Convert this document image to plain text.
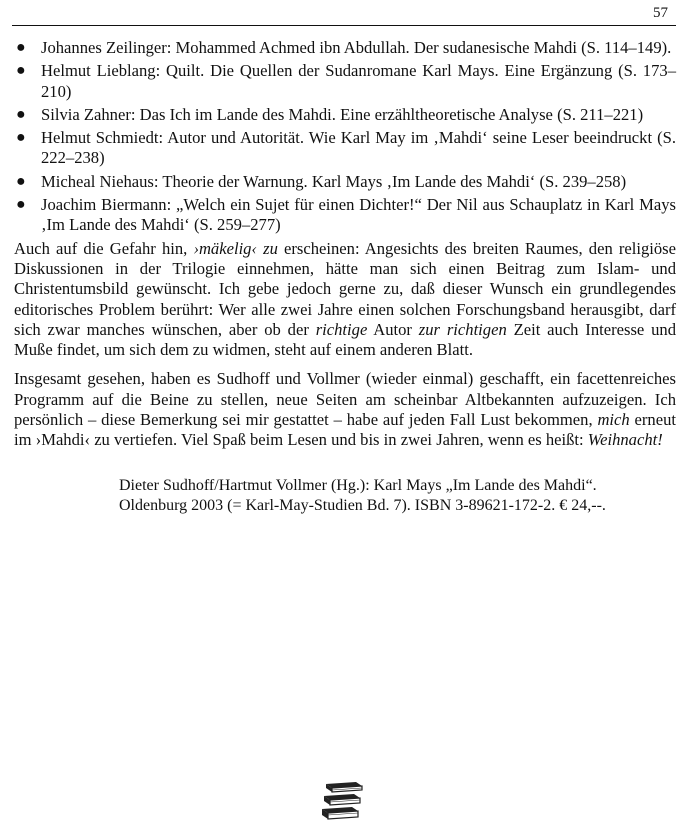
57
● Johannes Zeilinger: Mohammed Achmed ibn Abdullah. Der sudanesische Mahdi (S. 114–149).
● Helmut Lieblang: Quilt. Die Quellen der Sudanromane Karl Mays. Eine Ergänzung (S. 173–210)
● Silvia Zahner: Das Ich im Lande des Mahdi. Eine erzähltheoretische Analyse (S. 211–221)
● Helmut Schmiedt: Autor und Autorität. Wie Karl May im ‚Mahdi‘ seine Leser beeindruckt (S. 222–238)
● Micheal Niehaus: Theorie der Warnung. Karl Mays ‚Im Lande des Mahdi‘ (S. 239–258)
● Joachim Biermann: „Welch ein Sujet für einen Dichter!“ Der Nil aus Schauplatz in Karl Mays ‚Im Lande des Mahdi‘ (S. 259–277)

Auch auf die Gefahr hin, ›mäkelig‹ zu erscheinen: Angesichts des breiten Raumes, den religiöse Diskussionen in der Trilogie einnehmen, hätte man sich einen Beitrag zum Islam- und Christentumsbild gewünscht. Ich gebe jedoch gerne zu, daß dieser Wunsch ein grundlegendes editorisches Problem berührt: Wer alle zwei Jahre einen solchen Forschungsband herausgibt, darf sich zwar manches wünschen, aber ob der richtige Autor zur richtigen Zeit auch Interesse und Muße findet, um sich dem zu widmen, steht auf einem anderen Blatt.

Insgesamt gesehen, haben es Sudhoff und Vollmer (wieder einmal) geschafft, ein facettenreiches Programm auf die Beine zu stellen, neue Seiten am scheinbar Altbekannten aufzuzeigen. Ich persönlich – diese Bemerkung sei mir gestattet – habe auf jeden Fall Lust bekommen, mich erneut im ›Mahdi‹ zu vertiefen. Viel Spaß beim Lesen und bis in zwei Jahren, wenn es heißt: Weihnacht!

Dieter Sudhoff/Hartmut Vollmer (Hg.): Karl Mays „Im Lande des Mahdi“.
Oldenburg 2003 (= Karl-May-Studien Bd. 7). ISBN 3-89621-172-2. € 24,--.
